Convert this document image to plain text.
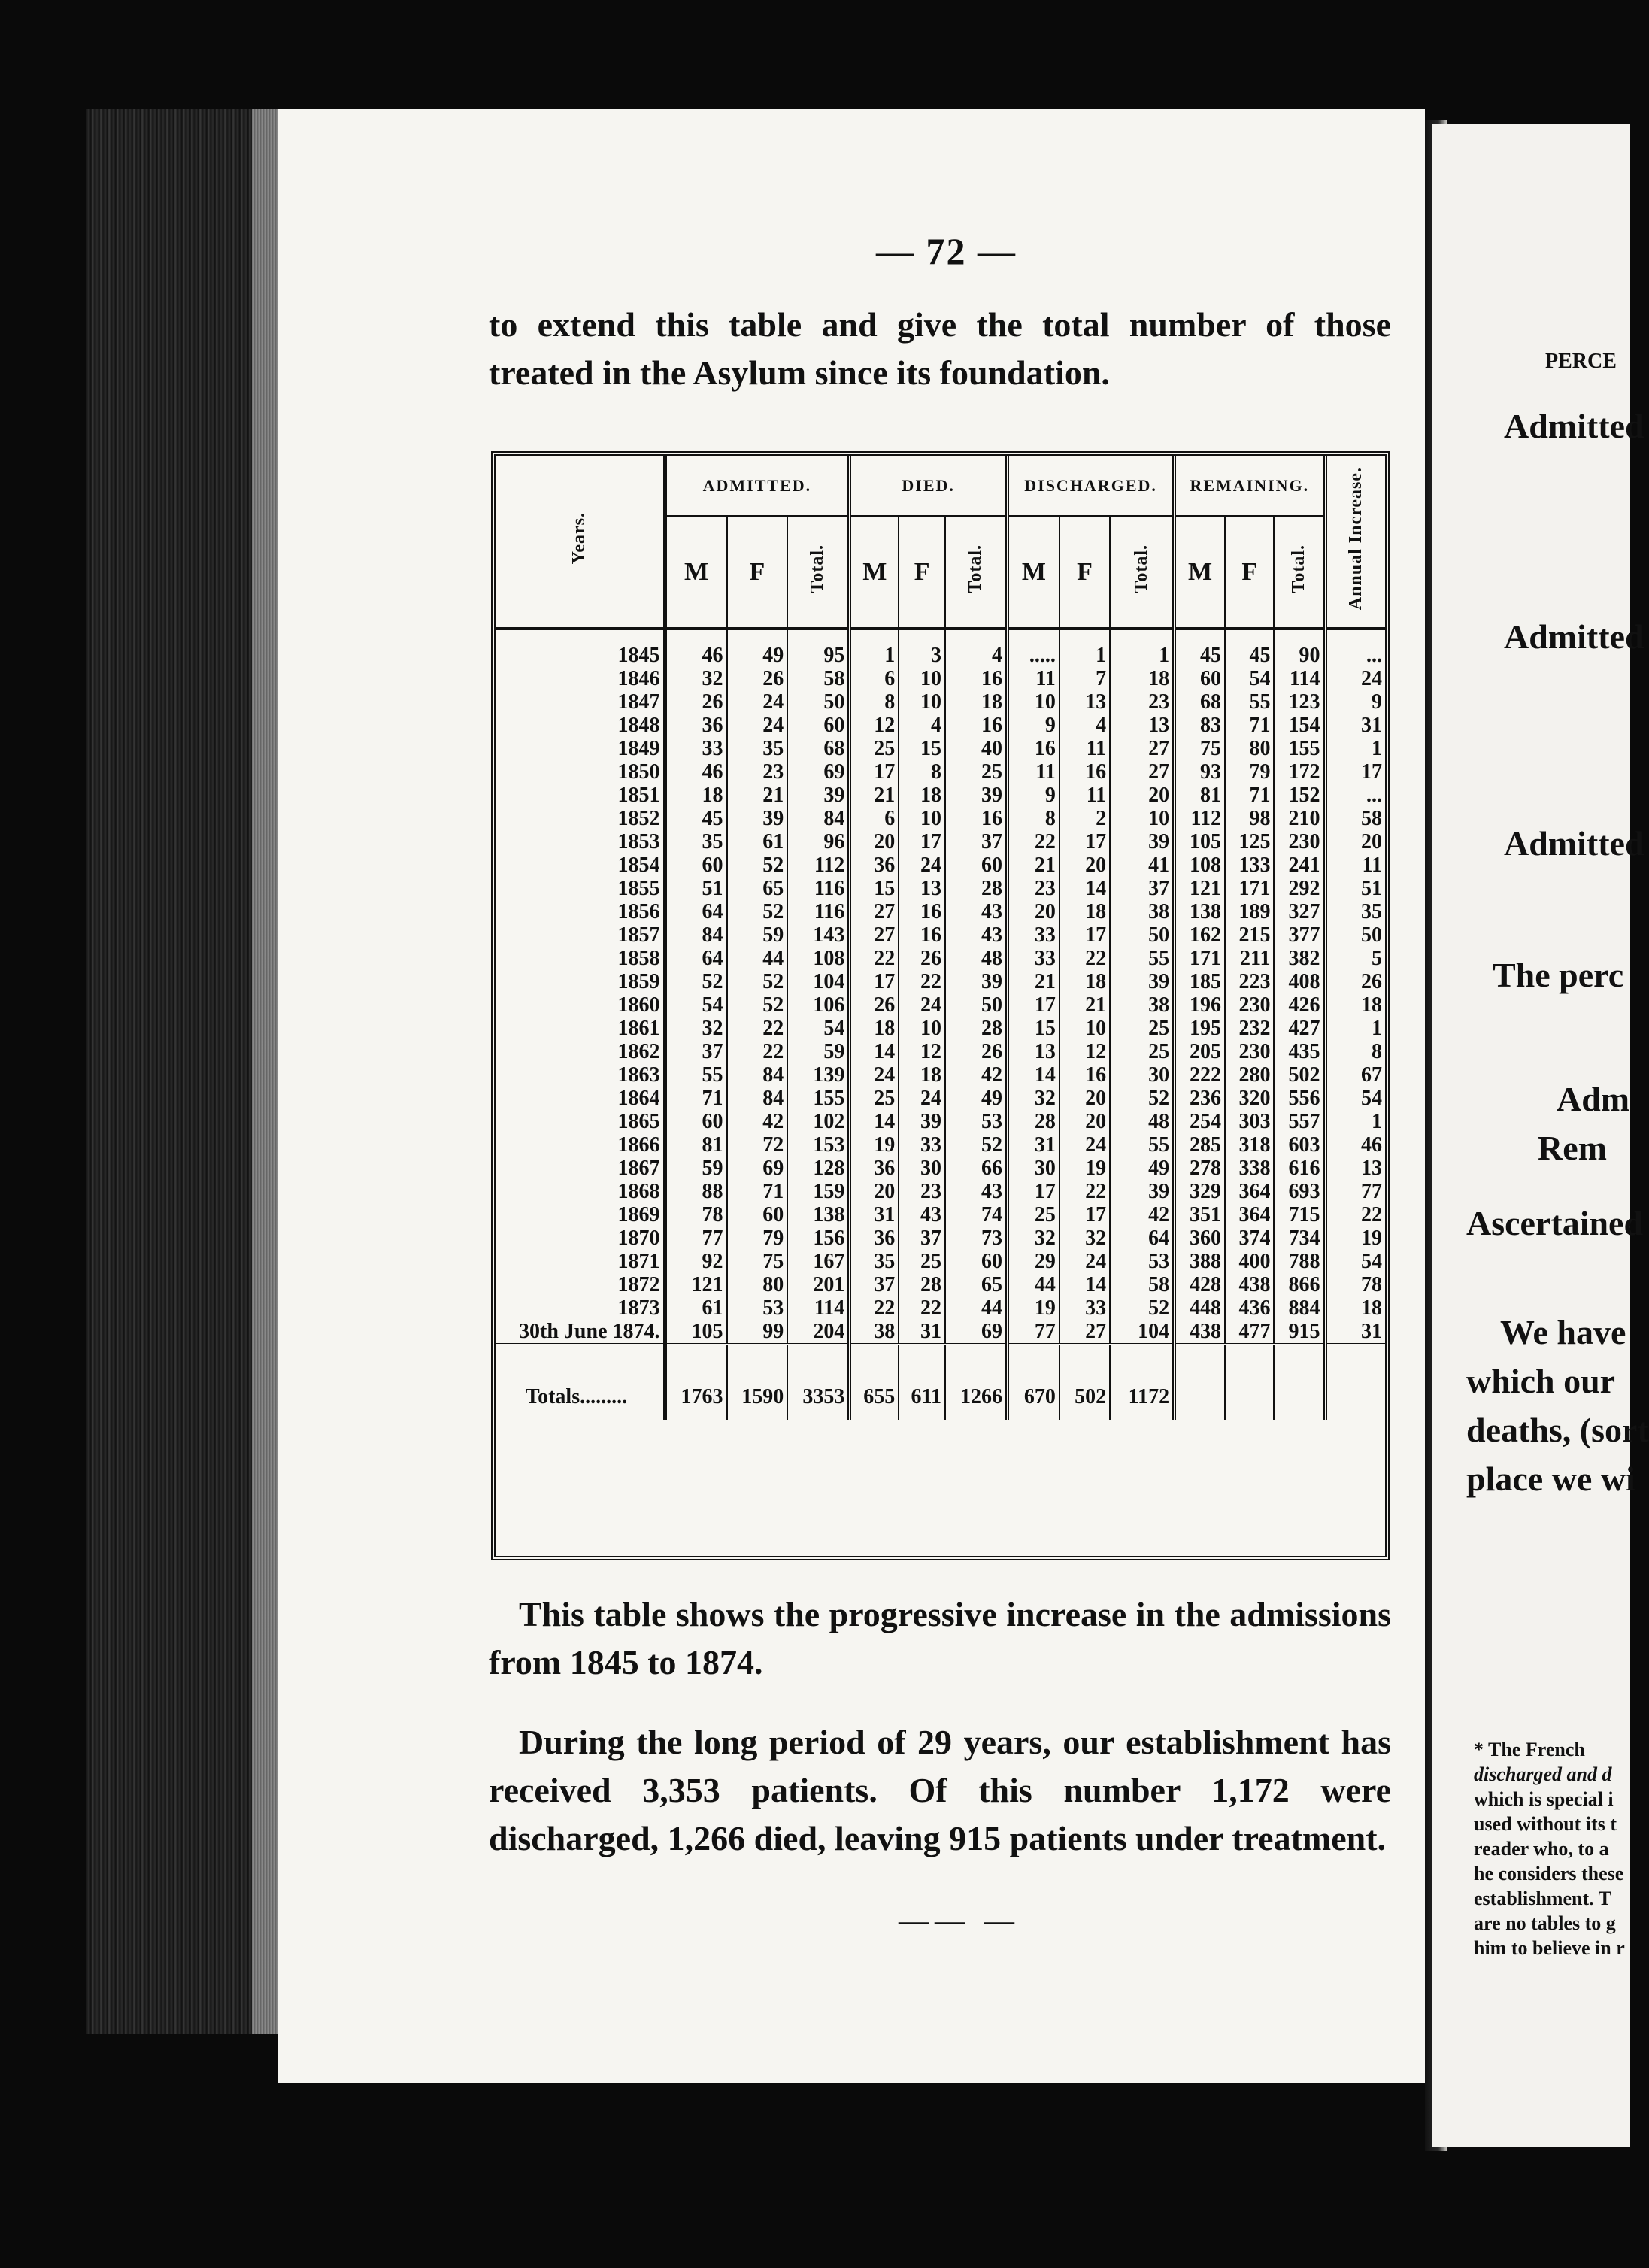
PERCE
Admitted
Admitted
Admitted
The perc
Adm
Rem
Ascertained
We have
which our
deaths, (sort
place we wi
* The French
discharged and d
which is special i
used without its t
reader who, to a
he considers these
establishment. T
are no tables to g
him to believe in r
— 72 —

to extend this table and give the total number of those treated in the Asylum since its foundation.

Years.	ADMITTED.			DIED.			DISCHARGED.			REMAINING.			Annual Increase.
	M	F	Total.	M	F	Total.	M	F	Total.	M	F	Total.	
1845	46	49	95	1	3	4	.....	1	1	45	45	90	...
1846	32	26	58	6	10	16	11	7	18	60	54	114	24
1847	26	24	50	8	10	18	10	13	23	68	55	123	9
1848	36	24	60	12	4	16	9	4	13	83	71	154	31
1849	33	35	68	25	15	40	16	11	27	75	80	155	1
1850	46	23	69	17	8	25	11	16	27	93	79	172	17
1851	18	21	39	21	18	39	9	11	20	81	71	152	...
1852	45	39	84	6	10	16	8	2	10	112	98	210	58
1853	35	61	96	20	17	37	22	17	39	105	125	230	20
1854	60	52	112	36	24	60	21	20	41	108	133	241	11
1855	51	65	116	15	13	28	23	14	37	121	171	292	51
1856	64	52	116	27	16	43	20	18	38	138	189	327	35
1857	84	59	143	27	16	43	33	17	50	162	215	377	50
1858	64	44	108	22	26	48	33	22	55	171	211	382	5
1859	52	52	104	17	22	39	21	18	39	185	223	408	26
1860	54	52	106	26	24	50	17	21	38	196	230	426	18
1861	32	22	54	18	10	28	15	10	25	195	232	427	1
1862	37	22	59	14	12	26	13	12	25	205	230	435	8
1863	55	84	139	24	18	42	14	16	30	222	280	502	67
1864	71	84	155	25	24	49	32	20	52	236	320	556	54
1865	60	42	102	14	39	53	28	20	48	254	303	557	1
1866	81	72	153	19	33	52	31	24	55	285	318	603	46
1867	59	69	128	36	30	66	30	19	49	278	338	616	13
1868	88	71	159	20	23	43	17	22	39	329	364	693	77
1869	78	60	138	31	43	74	25	17	42	351	364	715	22
1870	77	79	156	36	37	73	32	32	64	360	374	734	19
1871	92	75	167	35	25	60	29	24	53	388	400	788	54
1872	121	80	201	37	28	65	44	14	58	428	438	866	78
1873	61	53	114	22	22	44	19	33	52	448	436	884	18
30th June 1874.	105	99	204	38	31	69	77	27	104	438	477	915	31
Totals.........	1763	1590	3353	655	611	1266	670	502	1172				

This table shows the progressive increase in the admissions from 1845 to 1874.

During the long period of 29 years, our establishment has received 3,353 patients. Of this number 1,172 were discharged, 1,266 died, leaving 915 patients under treatment.

—— —
